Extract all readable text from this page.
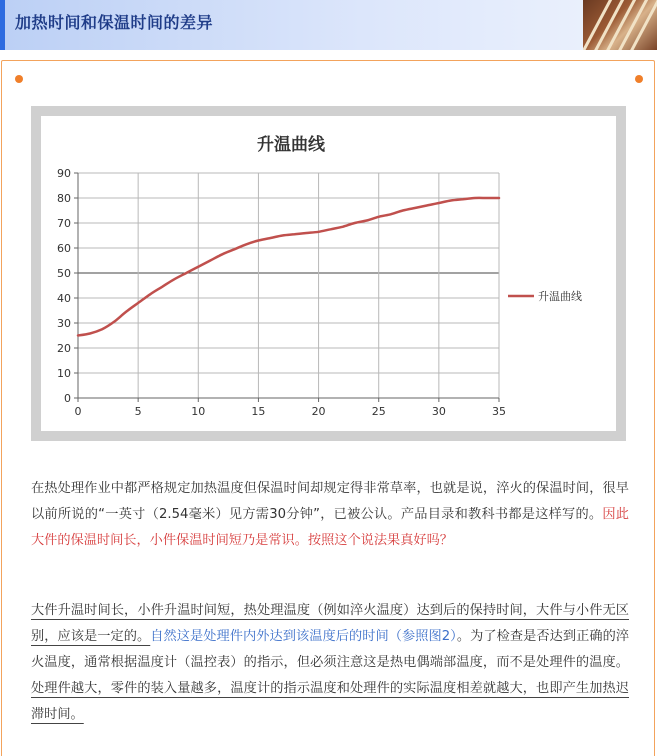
加热时间和保温时间的差异
升温曲线
0
10
20
30
40
50
60
70
80
90
0	5	10	15	20	25	30	35
升温曲线
在热处理作业中都严格规定加热温度但保温时间却规定得非常草率，也就是说，淬火的保温时间，很早以前所说的“一英寸（2.54毫米）见方需30分钟”，已被公认。产品目录和教科书都是这样写的。因此大件的保温时间长，小件保温时间短乃是常识。按照这个说法果真好吗？
大件升温时间长，小件升温时间短，热处理温度（例如淬火温度）达到后的保持时间，大件与小件无区别，应该是一定的。自然这是处理件内外达到该温度后的时间（参照图2）。为了检查是否达到正确的淬火温度，通常根据温度计（温控表）的指示，但必须注意这是热电偶端部温度，而不是处理件的温度。处理件越大，零件的装入量越多，温度计的指示温度和处理件的实际温度相差就越大，也即产生加热迟滞时间。
